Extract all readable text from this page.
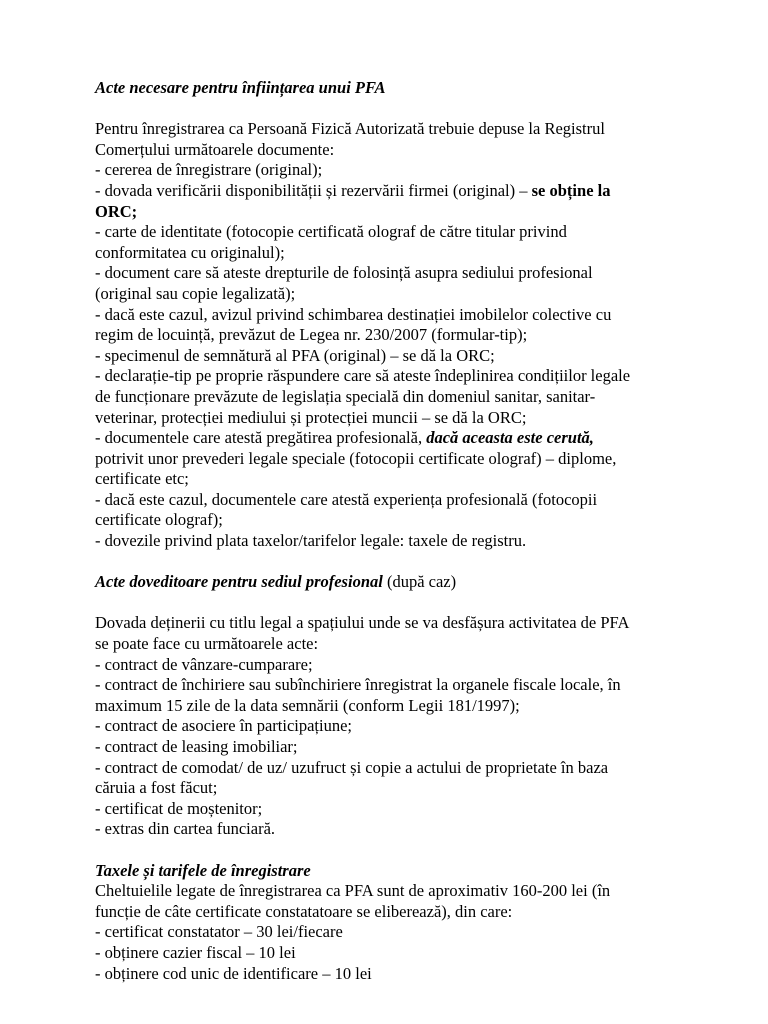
Acte necesare pentru înființarea unui PFA
Pentru înregistrarea ca Persoană Fizică Autorizată trebuie depuse la Registrul
Comerțului următoarele documente:
- cererea de înregistrare (original);
- dovada verificării disponibilității și rezervării firmei (original) – se obține la
ORC;
- carte de identitate (fotocopie certificată olograf de către titular privind
conformitatea cu originalul);
- document care să ateste drepturile de folosință asupra sediului profesional
(original sau copie legalizată);
- dacă este cazul, avizul privind schimbarea destinației imobilelor colective cu
regim de locuință, prevăzut de Legea nr. 230/2007 (formular-tip);
- specimenul de semnătură al PFA (original) – se dă la ORC;
- declarație-tip pe proprie răspundere care să ateste îndeplinirea condițiilor legale
de funcționare prevăzute de legislația specială din domeniul sanitar, sanitar-
veterinar, protecției mediului și protecției muncii – se dă la ORC;
- documentele care atestă pregătirea profesională, dacă aceasta este cerută,
potrivit unor prevederi legale speciale (fotocopii certificate olograf) – diplome,
certificate etc;
- dacă este cazul, documentele care atestă experiența profesională (fotocopii
certificate olograf);
- dovezile privind plata taxelor/tarifelor legale: taxele de registru.
Acte doveditoare pentru sediul profesional (după caz)
Dovada deținerii cu titlu legal a spațiului unde se va desfășura activitatea de PFA
se poate face cu următoarele acte:
- contract de vânzare-cumparare;
- contract de închiriere sau subînchiriere înregistrat la organele fiscale locale, în
maximum 15 zile de la data semnării (conform Legii 181/1997);
- contract de asociere în participațiune;
- contract de leasing imobiliar;
- contract de comodat/ de uz/ uzufruct și copie a actului de proprietate în baza
căruia a fost făcut;
- certificat de moștenitor;
- extras din cartea funciară.
Taxele și tarifele de înregistrare
Cheltuielile legate de înregistrarea ca PFA sunt de aproximativ 160-200 lei (în
funcție de câte certificate constatatoare se eliberează), din care:
- certificat constatator – 30 lei/fiecare
- obținere cazier fiscal – 10 lei
- obținere cod unic de identificare – 10 lei
